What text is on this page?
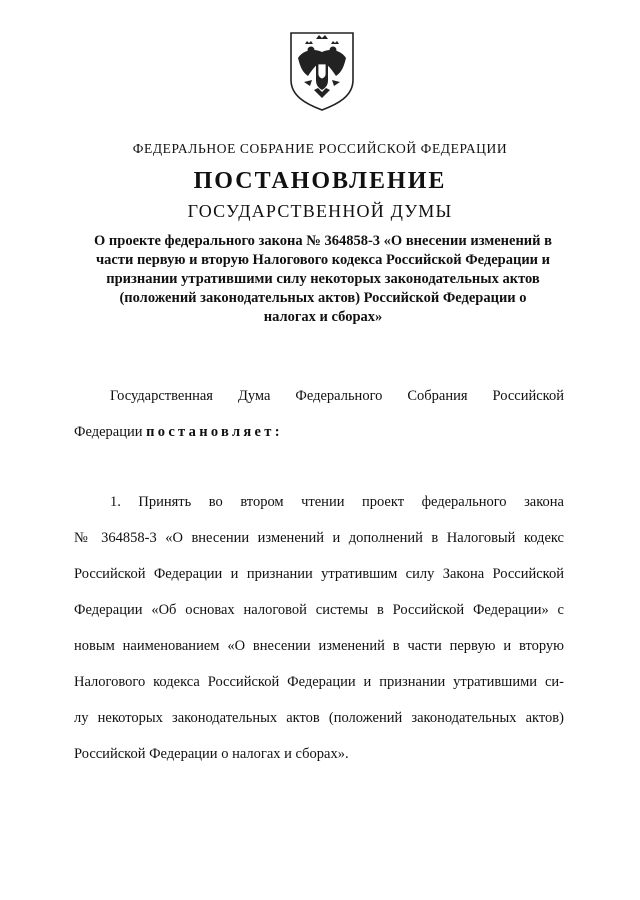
ФЕДЕРАЛЬНОЕ СОБРАНИЕ РОССИЙСКОЙ ФЕДЕРАЦИИ
ПОСТАНОВЛЕНИЕ
ГОСУДАРСТВЕННОЙ ДУМЫ
О проекте федерального закона № 364858-3 «О внесении изменений в
части первую и вторую Налогового кодекса Российской Федерации и
признании утратившими силу некоторых законодательных актов
(положений законодательных актов) Российской Федерации о
налогах и сборах»
Государственная Дума Федерального Собрания Российской
Федерации постановляет:
1. Принять во втором чтении проект федерального закона
№ 364858-3 «О внесении изменений и дополнений в Налоговый кодекс
Российской Федерации и признании утратившим силу Закона Российской
Федерации «Об основах налоговой системы в Российской Федерации» с
новым наименованием «О внесении изменений в части первую и вторую
Налогового кодекса Российской Федерации и признании утратившими си-
лу некоторых законодательных актов (положений законодательных актов)
Российской Федерации о налогах и сборах».
